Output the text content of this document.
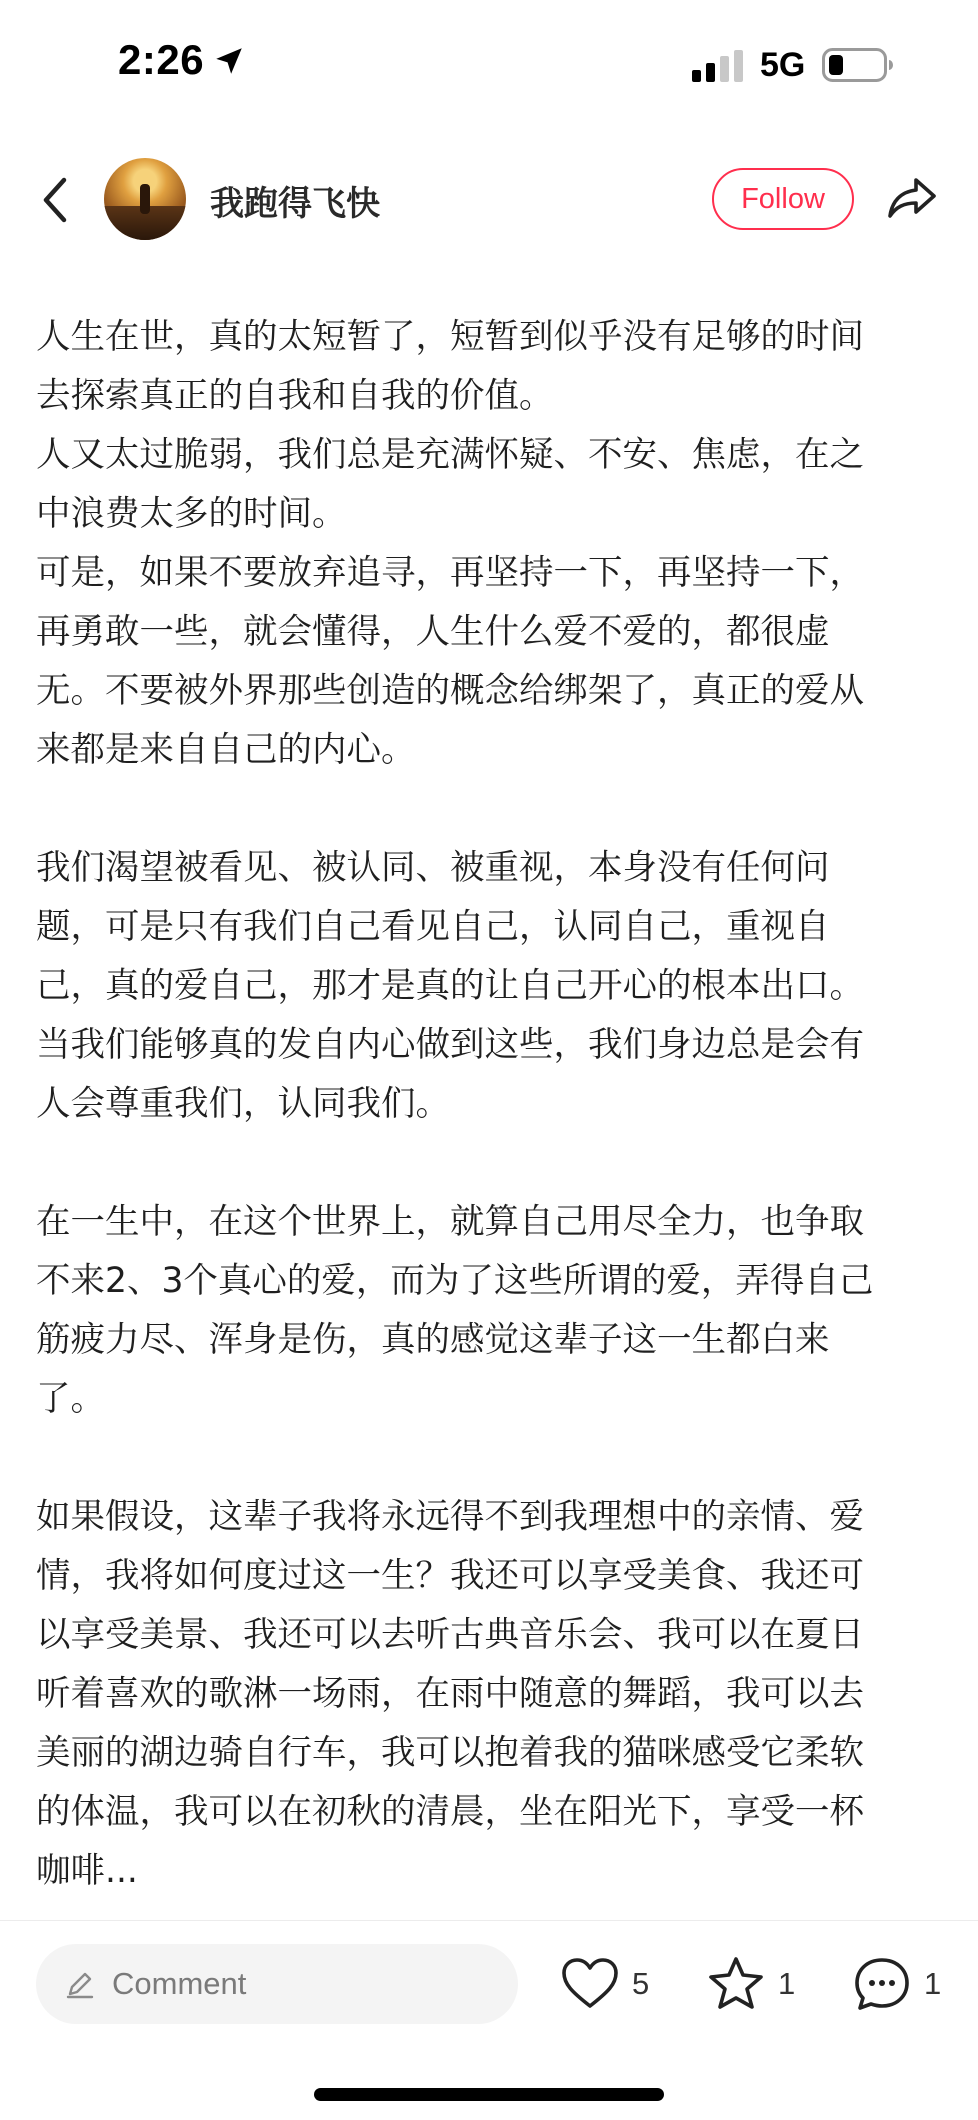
2:26	5G
我跑得飞快	Follow

人生在世，真的太短暂了，短暂到似乎没有足够的时间
去探索真正的自我和自我的价值。
人又太过脆弱，我们总是充满怀疑、不安、焦虑，在之
中浪费太多的时间。
可是，如果不要放弃追寻，再坚持一下，再坚持一下，
再勇敢一些，就会懂得，人生什么爱不爱的，都很虚
无。不要被外界那些创造的概念给绑架了，真正的爱从
来都是来自自己的内心。

我们渴望被看见、被认同、被重视，本身没有任何问
题，可是只有我们自己看见自己，认同自己，重视自
己，真的爱自己，那才是真的让自己开心的根本出口。
当我们能够真的发自内心做到这些，我们身边总是会有
人会尊重我们，认同我们。

在一生中，在这个世界上，就算自己用尽全力，也争取
不来2、3个真心的爱，而为了这些所谓的爱，弄得自己
筋疲力尽、浑身是伤，真的感觉这辈子这一生都白来
了。

如果假设，这辈子我将永远得不到我理想中的亲情、爱
情，我将如何度过这一生？我还可以享受美食、我还可
以享受美景、我还可以去听古典音乐会、我可以在夏日
听着喜欢的歌淋一场雨，在雨中随意的舞蹈，我可以去
美丽的湖边骑自行车，我可以抱着我的猫咪感受它柔软
的体温，我可以在初秋的清晨，坐在阳光下，享受一杯
咖啡...

Comment	5	1	1
